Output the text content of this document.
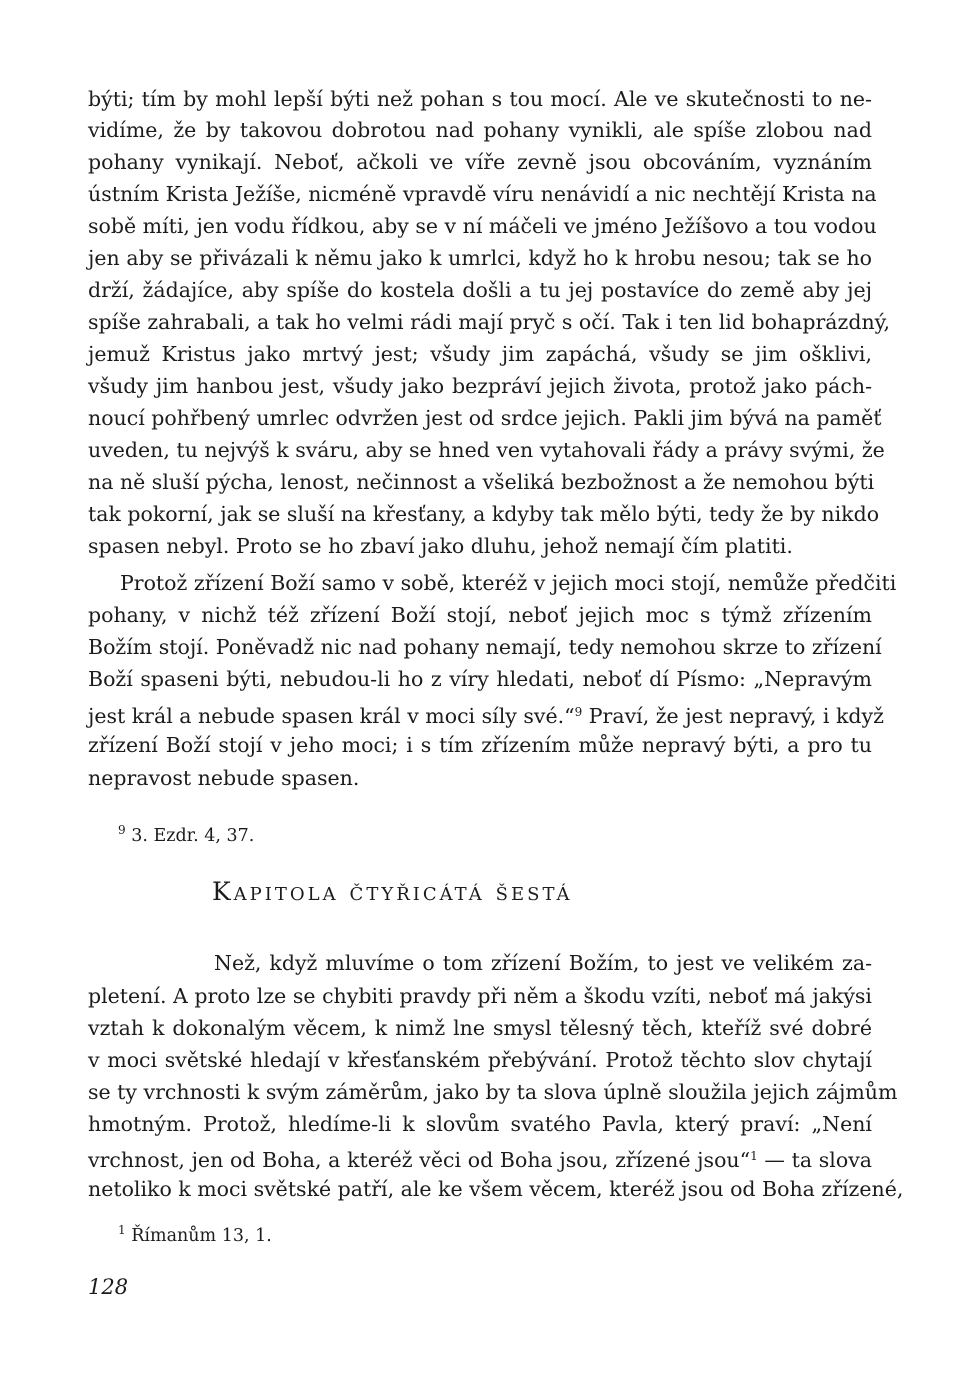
býti; tím by mohl lepší býti než pohan s tou mocí. Ale ve skutečnosti to ne-
vidíme, že by takovou dobrotou nad pohany vynikli, ale spíše zlobou nad
pohany vynikají. Neboť, ačkoli ve víře zevně jsou obcováním, vyznáním
ústním Krista Ježíše, nicméně vpravdě víru nenávidí a nic nechtějí Krista na
sobě míti, jen vodu řídkou, aby se v ní máčeli ve jméno Ježíšovo a tou vodou
jen aby se přivázali k němu jako k umrlci, když ho k hrobu nesou; tak se ho
drží, žádajíce, aby spíše do kostela došli a tu jej postavíce do země aby jej
spíše zahrabali, a tak ho velmi rádi mají pryč s očí. Tak i ten lid bohaprázdný,
jemuž Kristus jako mrtvý jest; všudy jim zapáchá, všudy se jim ošklivi,
všudy jim hanbou jest, všudy jako bezpráví jejich života, protož jako pách-
noucí pohřbený umrlec odvržen jest od srdce jejich. Pakli jim bývá na paměť
uveden, tu nejvýš k sváru, aby se hned ven vytahovali řády a právy svými, že
na ně sluší pýcha, lenost, nečinnost a všeliká bezbožnost a že nemohou býti
tak pokorní, jak se sluší na křesťany, a kdyby tak mělo býti, tedy že by nikdo
spasen nebyl. Proto se ho zbaví jako dluhu, jehož nemají čím platiti.
Protož zřízení Boží samo v sobě, kteréž v jejich moci stojí, nemůže předčiti
pohany, v nichž též zřízení Boží stojí, neboť jejich moc s týmž zřízením
Božím stojí. Poněvadž nic nad pohany nemají, tedy nemohou skrze to zřízení
Boží spaseni býti, nebudou-li ho z víry hledati, neboť dí Písmo: „Nepravým
jest král a nebude spasen král v moci síly své.“$^9$ Praví, že jest nepravý, i když
zřízení Boží stojí v jeho moci; i s tím zřízením může nepravý býti, a pro tu
nepravost nebude spasen.
$^9$ 3. Ezdr. 4, 37.
Kapitola čtyřicátá šestá
Než, když mluvíme o tom zřízení Božím, to jest ve velikém za-
pletení. A proto lze se chybiti pravdy při něm a škodu vzíti, neboť má jakýsi
vztah k dokonalým věcem, k nimž lne smysl tělesný těch, kteříž své dobré
v moci světské hledají v křesťanském přebývání. Protož těchto slov chytají
se ty vrchnosti k svým záměrům, jako by ta slova úplně sloužila jejich zájmům
hmotným. Protož, hledíme-li k slovům svatého Pavla, který praví: „Není
vrchnost, jen od Boha, a kteréž věci od Boha jsou, zřízené jsou“$^1$ — ta slova
netoliko k moci světské patří, ale ke všem věcem, kteréž jsou od Boha zřízené,
$^1$ Římanům 13, 1.
128
